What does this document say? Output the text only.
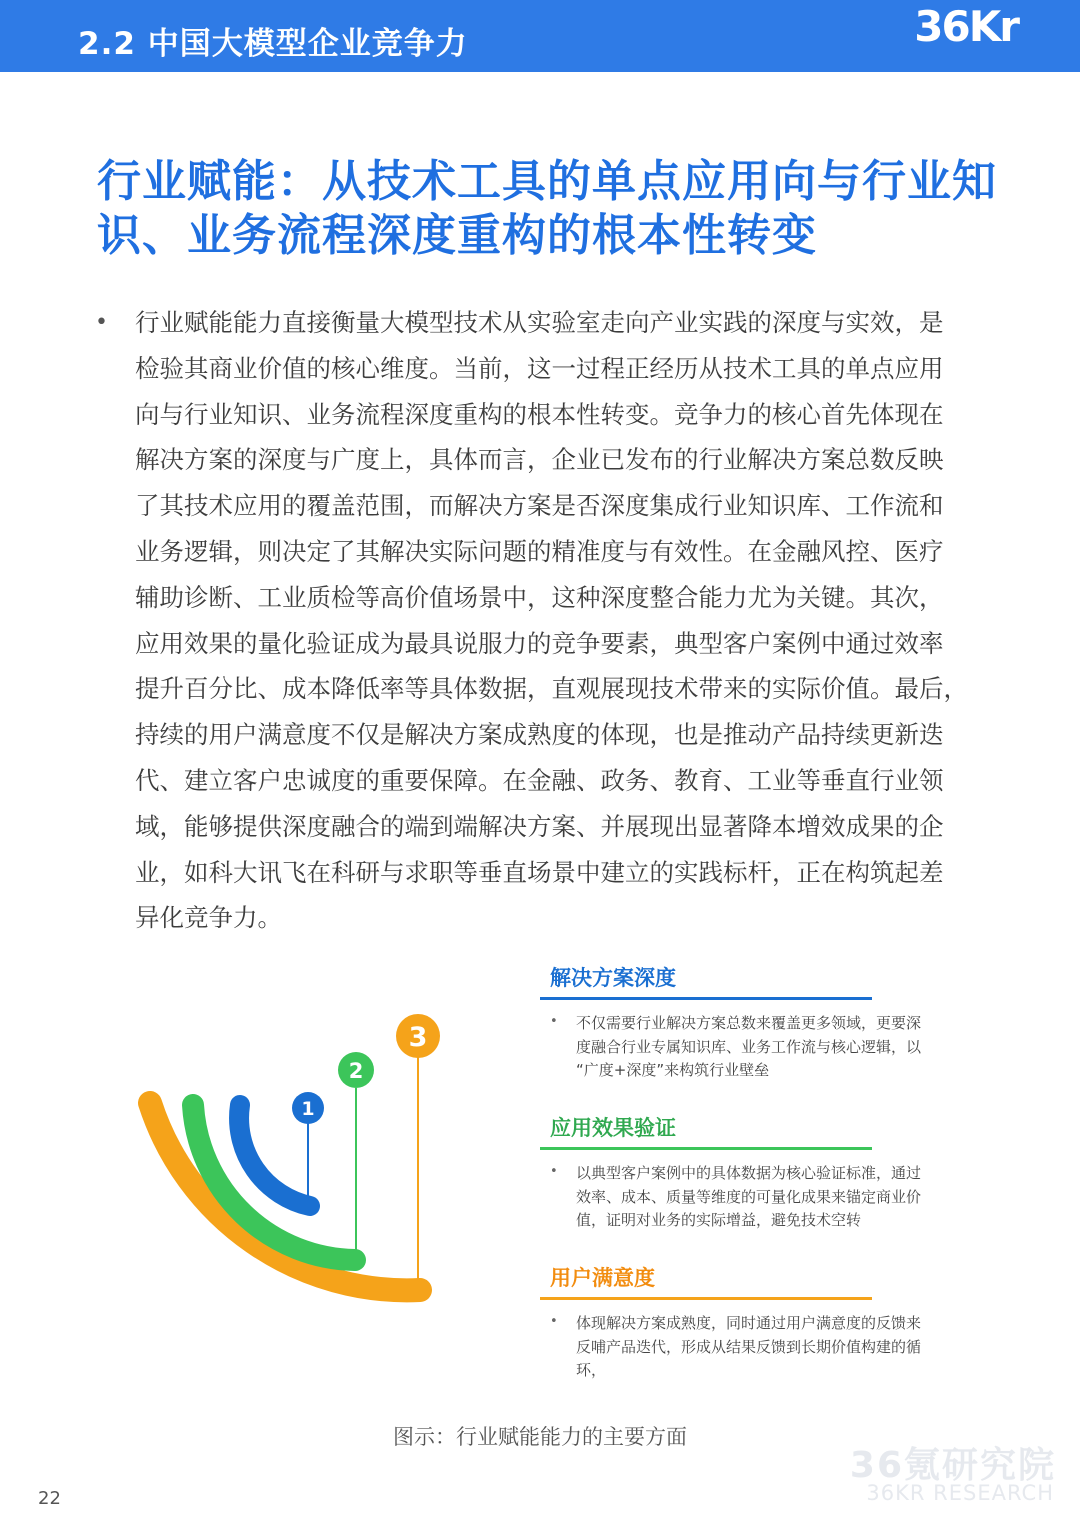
2.2 中国大模型企业竞争力	36Kr
行业赋能：从技术工具的单点应用向与行业知
识、业务流程深度重构的根本性转变
• 行业赋能能力直接衡量大模型技术从实验室走向产业实践的深度与实效，是
检验其商业价值的核心维度。当前，这一过程正经历从技术工具的单点应用
向与行业知识、业务流程深度重构的根本性转变。竞争力的核心首先体现在
解决方案的深度与广度上，具体而言，企业已发布的行业解决方案总数反映
了其技术应用的覆盖范围，而解决方案是否深度集成行业知识库、工作流和
业务逻辑，则决定了其解决实际问题的精准度与有效性。在金融风控、医疗
辅助诊断、工业质检等高价值场景中，这种深度整合能力尤为关键。其次，
应用效果的量化验证成为最具说服力的竞争要素，典型客户案例中通过效率
提升百分比、成本降低率等具体数据，直观展现技术带来的实际价值。最后，
持续的用户满意度不仅是解决方案成熟度的体现，也是推动产品持续更新迭
代、建立客户忠诚度的重要保障。在金融、政务、教育、工业等垂直行业领
域，能够提供深度融合的端到端解决方案、并展现出显著降本增效成果的企
业，如科大讯飞在科研与求职等垂直场景中建立的实践标杆，正在构筑起差
异化竞争力。
1
2
3
解决方案深度
• 不仅需要行业解决方案总数来覆盖更多领域，更要深
度融合行业专属知识库、业务工作流与核心逻辑，以
“广度+深度”来构筑行业壁垒
应用效果验证
• 以典型客户案例中的具体数据为核心验证标准，通过
效率、成本、质量等维度的可量化成果来锚定商业价
值，证明对业务的实际增益，避免技术空转
用户满意度
• 体现解决方案成熟度，同时通过用户满意度的反馈来
反哺产品迭代，形成从结果反馈到长期价值构建的循
环，
图示：行业赋能能力的主要方面
22
36氪研究院
36KR RESEARCH
